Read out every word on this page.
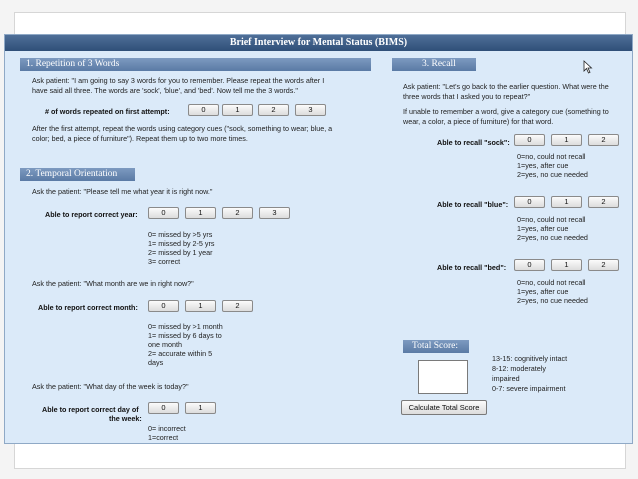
Brief Interview for Mental Status (BIMS)
1. Repetition of 3 Words
Ask patient: "I am going to say 3 words for you to remember. Please repeat the words after I
have said all three. The words are 'sock', 'blue', and 'bed'. Now tell me the 3 words."
# of words repeated on first attempt:	0	1	2	3
After the first attempt, repeat the words using category cues ("sock, something to wear; blue, a
color; bed, a piece of furniture"). Repeat them up to two more times.
2. Temporal Orientation
Ask the patient: "Please tell me what year it is right now."
Able to report correct year:	0	1	2	3
0= missed by >5 yrs
1= missed by 2-5 yrs
2= missed by 1 year
3= correct
Ask the patient: "What month are we in right now?"
Able to report correct month:	0	1	2
0= missed by >1 month
1= missed by 6 days to
one month
2= accurate within 5
days
Ask the patient: "What day of the week is today?"
Able to report correct day of
the week:
0	1
0= incorrect
1=correct
3. Recall
Ask patient: "Let's go back to the earlier question. What were the
three words that I asked you to repeat?"
If unable to remember a word, give a category cue (something to
wear, a color, a piece of furniture) for that word.
Able to recall "sock":	0	1	2
0=no, could not recall
1=yes, after cue
2=yes, no cue needed
Able to recall "blue":	0	1	2
0=no, could not recall
1=yes, after cue
2=yes, no cue needed
Able to recall "bed":	0	1	2
0=no, could not recall
1=yes, after cue
2=yes, no cue needed
Total Score:
13-15: cognitively intact
8-12: moderately
impaired
0-7: severe impairment
Calculate Total Score
